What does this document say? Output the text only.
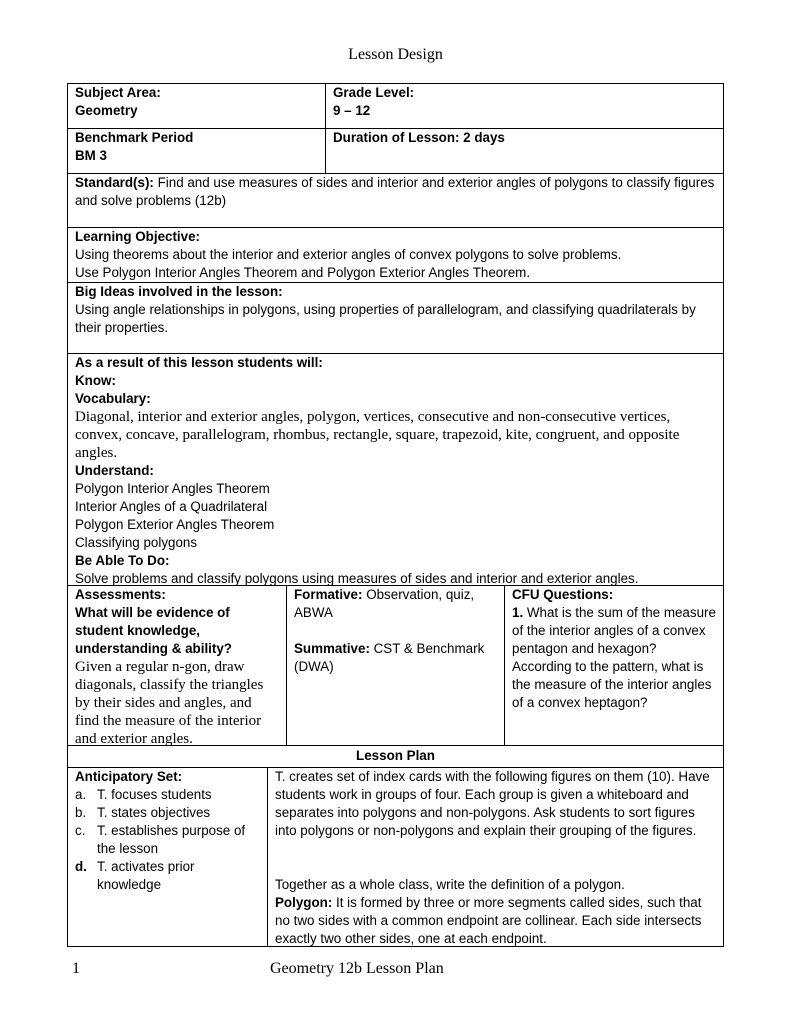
Lesson Design
Subject Area:
Geometry
Grade Level:
9 – 12
Benchmark Period
BM 3
Duration of Lesson: 2 days
Standard(s): Find and use measures of sides and interior and exterior angles of polygons to classify figures and solve problems (12b)
Learning Objective:
Using theorems about the interior and exterior angles of convex polygons to solve problems.
Use Polygon Interior Angles Theorem and Polygon Exterior Angles Theorem.
Big Ideas involved in the lesson:
Using angle relationships in polygons, using properties of parallelogram, and classifying quadrilaterals by their properties.
As a result of this lesson students will:
Know:
Vocabulary:
Diagonal, interior and exterior angles, polygon, vertices, consecutive and non-consecutive vertices, convex, concave, parallelogram, rhombus, rectangle, square, trapezoid, kite, congruent, and opposite angles.
Understand:
Polygon Interior Angles Theorem
Interior Angles of a Quadrilateral
Polygon Exterior Angles Theorem
Classifying polygons
Be Able To Do:
Solve problems and classify polygons using measures of sides and interior and exterior angles.
Assessments:
What will be evidence of student knowledge, understanding & ability?
Given a regular n-gon, draw diagonals, classify the triangles by their sides and angles, and find the measure of the interior and exterior angles.
Formative: Observation, quiz, ABWA
Summative: CST & Benchmark (DWA)
CFU Questions:
1. What is the sum of the measure of the interior angles of a convex pentagon and hexagon? According to the pattern, what is the measure of the interior angles of a convex heptagon?
Lesson Plan
Anticipatory Set:
a. T. focuses students
b. T. states objectives
c. T. establishes purpose of the lesson
d. T. activates prior knowledge
T. creates set of index cards with the following figures on them (10). Have students work in groups of four. Each group is given a whiteboard and separates into polygons and non-polygons. Ask students to sort figures into polygons or non-polygons and explain their grouping of the figures.
Together as a whole class, write the definition of a polygon.
Polygon: It is formed by three or more segments called sides, such that no two sides with a common endpoint are collinear. Each side intersects exactly two other sides, one at each endpoint.
1	Geometry 12b Lesson Plan
